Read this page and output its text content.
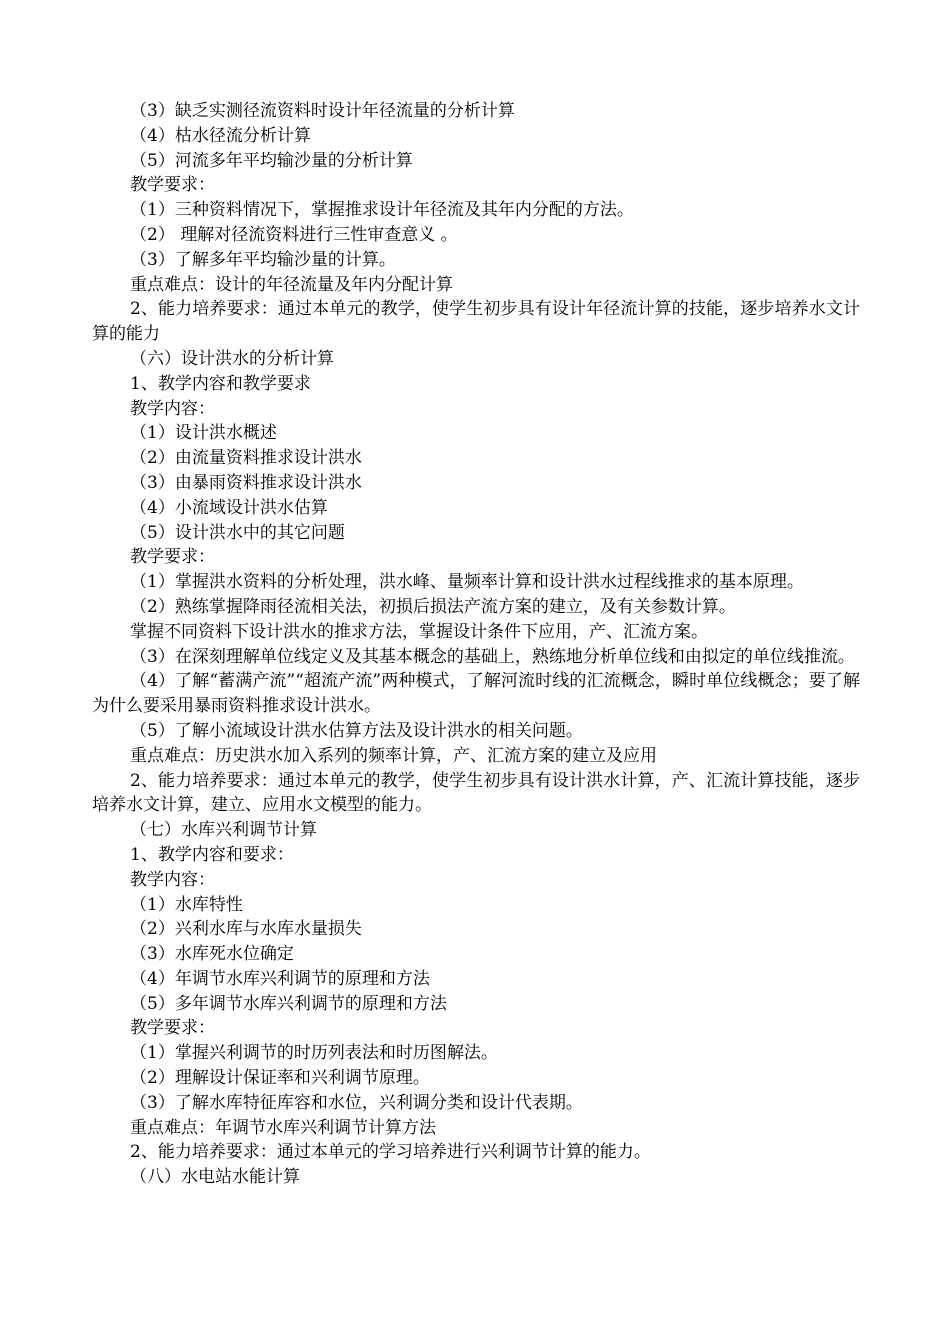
（3）缺乏实测径流资料时设计年径流量的分析计算

（4）枯水径流分析计算

（5）河流多年平均输沙量的分析计算

教学要求：

（1）三种资料情况下，掌握推求设计年径流及其年内分配的方法。

（2） 理解对径流资料进行三性审查意义 。

（3）了解多年平均输沙量的计算。

重点难点：设计的年径流量及年内分配计算

2、能力培养要求：通过本单元的教学，使学生初步具有设计年径流计算的技能，逐步培养水文计算的能力

（六）设计洪水的分析计算

1、教学内容和教学要求

教学内容：

（1）设计洪水概述

（2）由流量资料推求设计洪水

（3）由暴雨资料推求设计洪水

（4）小流域设计洪水估算

（5）设计洪水中的其它问题

教学要求：

（1）掌握洪水资料的分析处理，洪水峰、量频率计算和设计洪水过程线推求的基本原理。

（2）熟练掌握降雨径流相关法，初损后损法产流方案的建立，及有关参数计算。

掌握不同资料下设计洪水的推求方法，掌握设计条件下应用，产、汇流方案。

（3）在深刻理解单位线定义及其基本概念的基础上，熟练地分析单位线和由拟定的单位线推流。

（4）了解“蓄满产流”“超流产流”两种模式，了解河流时线的汇流概念，瞬时单位线概念；要了解为什么要采用暴雨资料推求设计洪水。

（5）了解小流域设计洪水估算方法及设计洪水的相关问题。

重点难点：历史洪水加入系列的频率计算，产、汇流方案的建立及应用

2、能力培养要求：通过本单元的教学，使学生初步具有设计洪水计算，产、汇流计算技能，逐步培养水文计算，建立、应用水文模型的能力。

（七）水库兴利调节计算

1、教学内容和要求：

教学内容：

（1）水库特性

（2）兴利水库与水库水量损失

（3）水库死水位确定

（4）年调节水库兴利调节的原理和方法

（5）多年调节水库兴利调节的原理和方法

教学要求：

（1）掌握兴利调节的时历列表法和时历图解法。

（2）理解设计保证率和兴利调节原理。

（3）了解水库特征库容和水位，兴利调分类和设计代表期。

重点难点：年调节水库兴利调节计算方法

2、能力培养要求：通过本单元的学习培养进行兴利调节计算的能力。

（八）水电站水能计算
